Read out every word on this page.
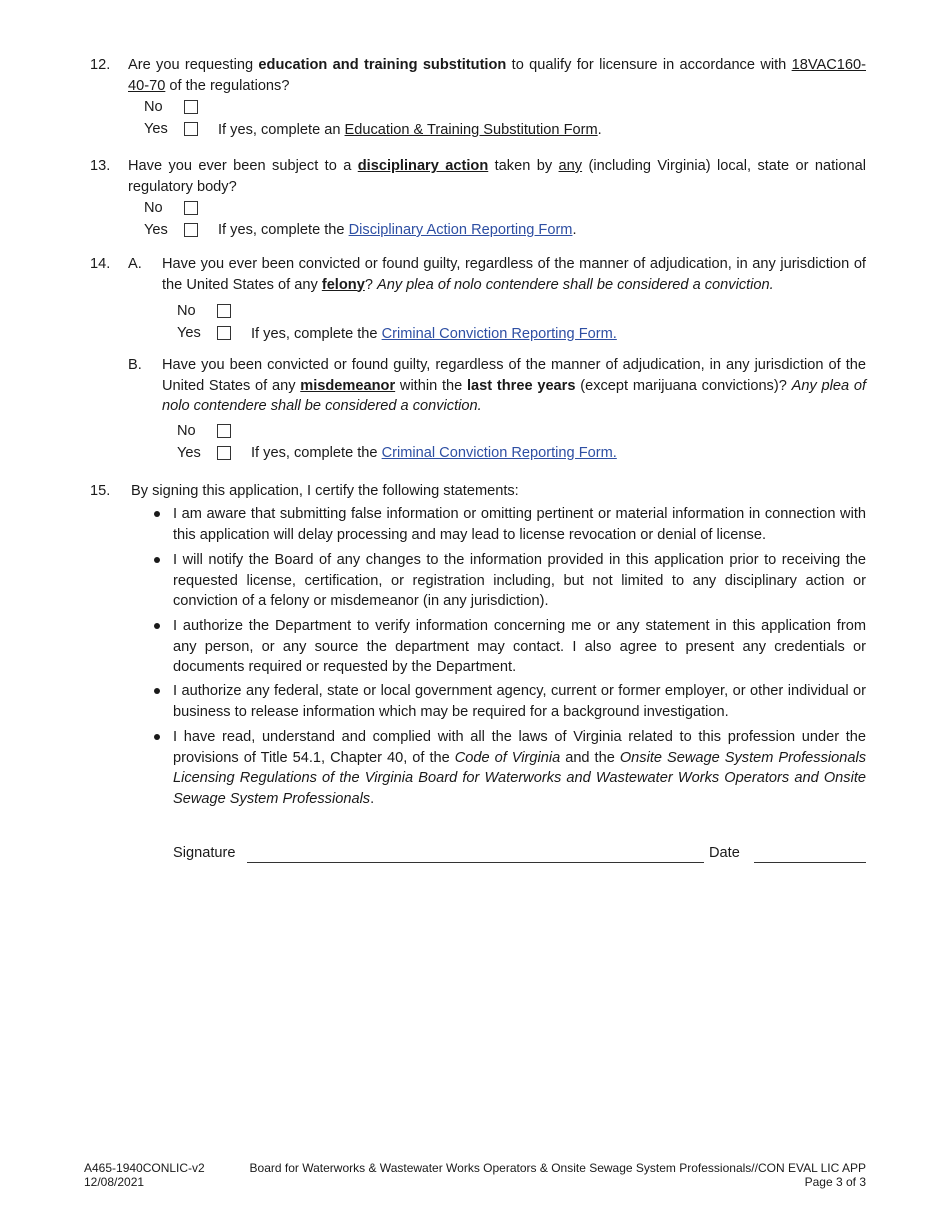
12. Are you requesting education and training substitution to qualify for licensure in accordance with 18VAC160-40-70 of the regulations?
No
Yes	If yes, complete an Education & Training Substitution Form.
13. Have you ever been subject to a disciplinary action taken by any (including Virginia) local, state or national regulatory body?
No
Yes	If yes, complete the Disciplinary Action Reporting Form.
14. A. Have you ever been convicted or found guilty, regardless of the manner of adjudication, in any jurisdiction of the United States of any felony? Any plea of nolo contendere shall be considered a conviction.
No
Yes	If yes, complete the Criminal Conviction Reporting Form.
B. Have you been convicted or found guilty, regardless of the manner of adjudication, in any jurisdiction of the United States of any misdemeanor within the last three years (except marijuana convictions)? Any plea of nolo contendere shall be considered a conviction.
No
Yes	If yes, complete the Criminal Conviction Reporting Form.
15. By signing this application, I certify the following statements:
I am aware that submitting false information or omitting pertinent or material information in connection with this application will delay processing and may lead to license revocation or denial of license.
I will notify the Board of any changes to the information provided in this application prior to receiving the requested license, certification, or registration including, but not limited to any disciplinary action or conviction of a felony or misdemeanor (in any jurisdiction).
I authorize the Department to verify information concerning me or any statement in this application from any person, or any source the department may contact. I also agree to present any credentials or documents required or requested by the Department.
I authorize any federal, state or local government agency, current or former employer, or other individual or business to release information which may be required for a background investigation.
I have read, understand and complied with all the laws of Virginia related to this profession under the provisions of Title 54.1, Chapter 40, of the Code of Virginia and the Onsite Sewage System Professionals Licensing Regulations of the Virginia Board for Waterworks and Wastewater Works Operators and Onsite Sewage System Professionals.
Signature	Date
A465-1940CONLIC-v2
12/08/2021
Board for Waterworks & Wastewater Works Operators & Onsite Sewage System Professionals//CON EVAL LIC APP
Page 3 of 3
